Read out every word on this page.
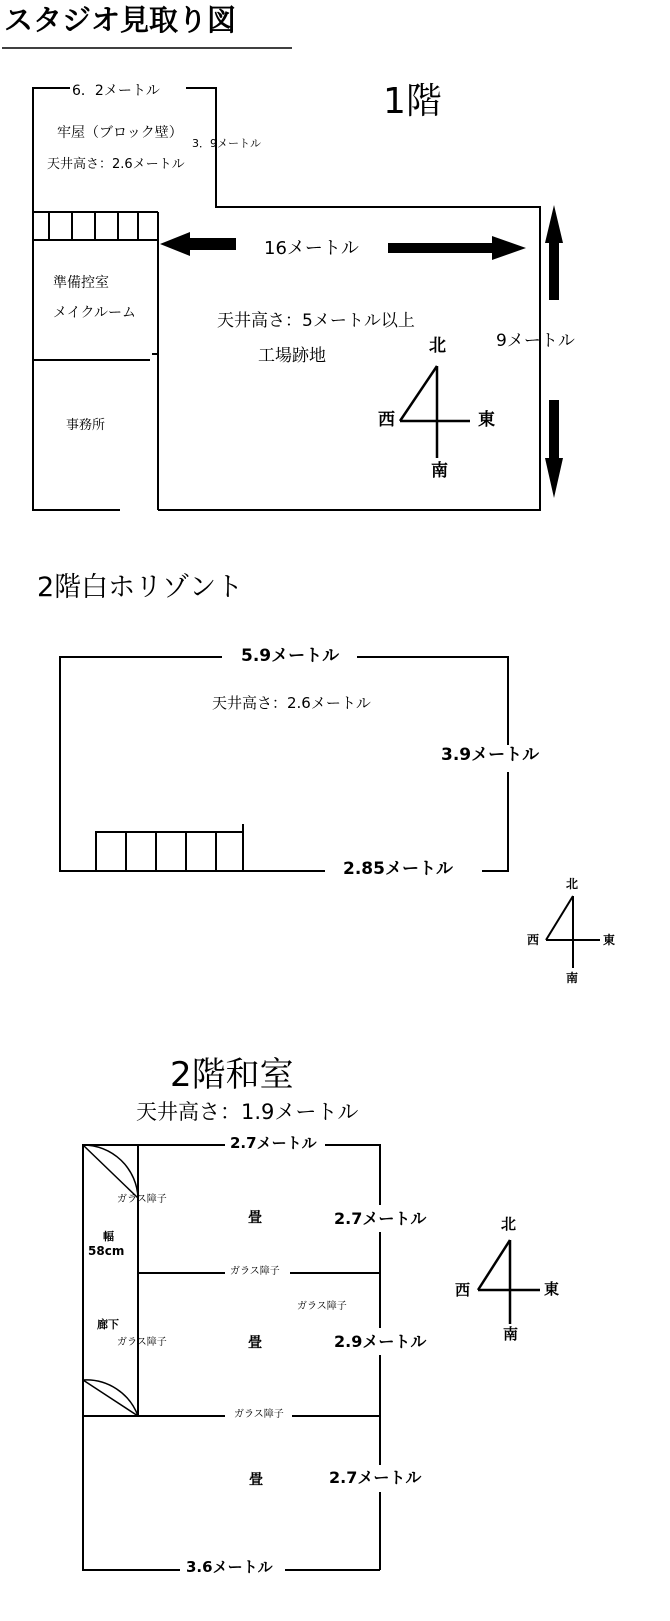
スタジオ見取り図
1階
6．2メートル
牢屋（ブロック壁）
3．9メートル
天井高さ：2.6メートル
16メートル
準備控室
メイクルーム	天井高さ：5メートル以上
工場跡地
9メートル
事務所
北
西	東
南
2階白ホリゾント
5.9メートル
天井高さ：2.6メートル
3.9メートル
2.85メートル
北
西	東
南
2階和室
天井高さ：1.9メートル
2.7メートル
ガラス障子
畳	2.7メートル
幅
58cm
ガラス障子
ガラス障子
廊下
ガラス障子	畳	2.9メートル
ガラス障子
2.7メートル
畳
3.6メートル
北
西	東
南
